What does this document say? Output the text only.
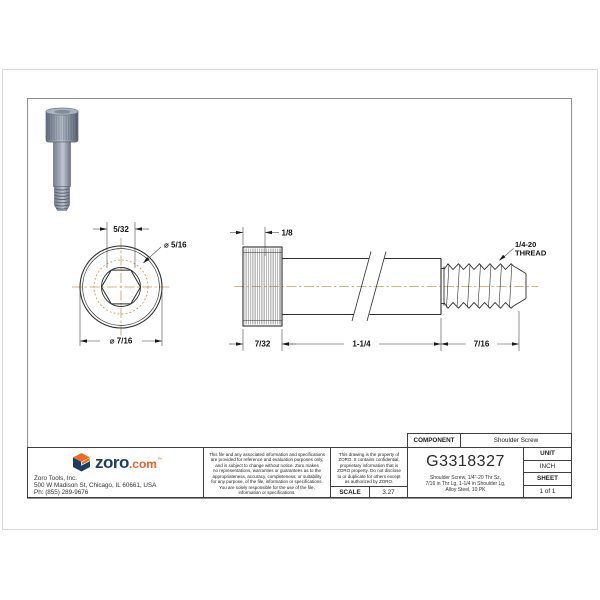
5/32
⌀ 5/16
⌀ 7/16
1/8
7/32	1-1/4	7/16
1/4-20
THREAD
zoro .com ™
Zoro Tools, Inc.
500 W Madison St, Chicago, IL 60661, USA
Ph: (855) 289-9676
This file and any associated information and specifications
are provided for reference and evaluation purposes only,
and is subject to change without notice. Zoro makes
no representations, warranties or guarantees as to the
appropriateness, accuracy, completeness, or suitability
for any purpose, of the file, information or specifications.
You are solely responsible for the use of the file,
information or specifications.
This drawing is the property of
ZORO. It contains confidential,
proprietary information that is
ZORO property. Do not disclose
to or duplicate for others except
as authorized by ZORO.
SCALE	3.27
COMPONENT	Shoulder Screw
G3318327
Shoulder Screw, 1/4"-20 Thr Sz,
7/16 in Thr Lg, 1-1/4 in Shoulder Lg,
Alloy Steel, 10 PK
UNIT
INCH
SHEET
1 of 1
